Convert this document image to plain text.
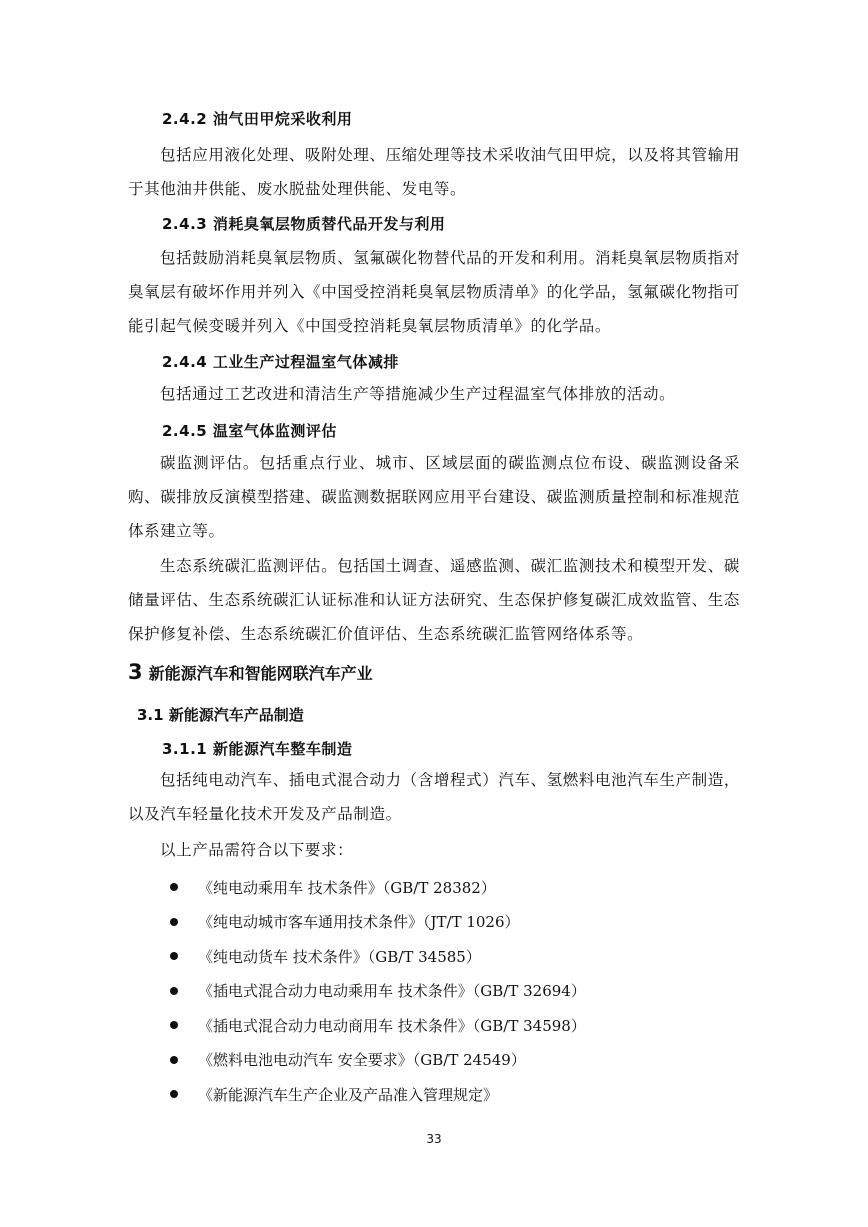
2.4.2 油气田甲烷采收利用
包括应用液化处理、吸附处理、压缩处理等技术采收油气田甲烷，以及将其管输用于其他油井供能、废水脱盐处理供能、发电等。
2.4.3 消耗臭氧层物质替代品开发与利用
包括鼓励消耗臭氧层物质、氢氟碳化物替代品的开发和利用。消耗臭氧层物质指对臭氧层有破坏作用并列入《中国受控消耗臭氧层物质清单》的化学品，氢氟碳化物指可能引起气候变暖并列入《中国受控消耗臭氧层物质清单》的化学品。
2.4.4 工业生产过程温室气体减排
包括通过工艺改进和清洁生产等措施减少生产过程温室气体排放的活动。
2.4.5 温室气体监测评估
碳监测评估。包括重点行业、城市、区域层面的碳监测点位布设、碳监测设备采购、碳排放反演模型搭建、碳监测数据联网应用平台建设、碳监测质量控制和标准规范体系建立等。
生态系统碳汇监测评估。包括国土调查、遥感监测、碳汇监测技术和模型开发、碳储量评估、生态系统碳汇认证标准和认证方法研究、生态保护修复碳汇成效监管、生态保护修复补偿、生态系统碳汇价值评估、生态系统碳汇监管网络体系等。
3 新能源汽车和智能网联汽车产业
3.1 新能源汽车产品制造
3.1.1 新能源汽车整车制造
包括纯电动汽车、插电式混合动力（含增程式）汽车、氢燃料电池汽车生产制造，以及汽车轻量化技术开发及产品制造。
以上产品需符合以下要求：
《纯电动乘用车 技术条件》（GB/T 28382）
《纯电动城市客车通用技术条件》（JT/T 1026）
《纯电动货车 技术条件》（GB/T 34585）
《插电式混合动力电动乘用车 技术条件》（GB/T 32694）
《插电式混合动力电动商用车 技术条件》（GB/T 34598）
《燃料电池电动汽车 安全要求》（GB/T 24549）
《新能源汽车生产企业及产品准入管理规定》
33
